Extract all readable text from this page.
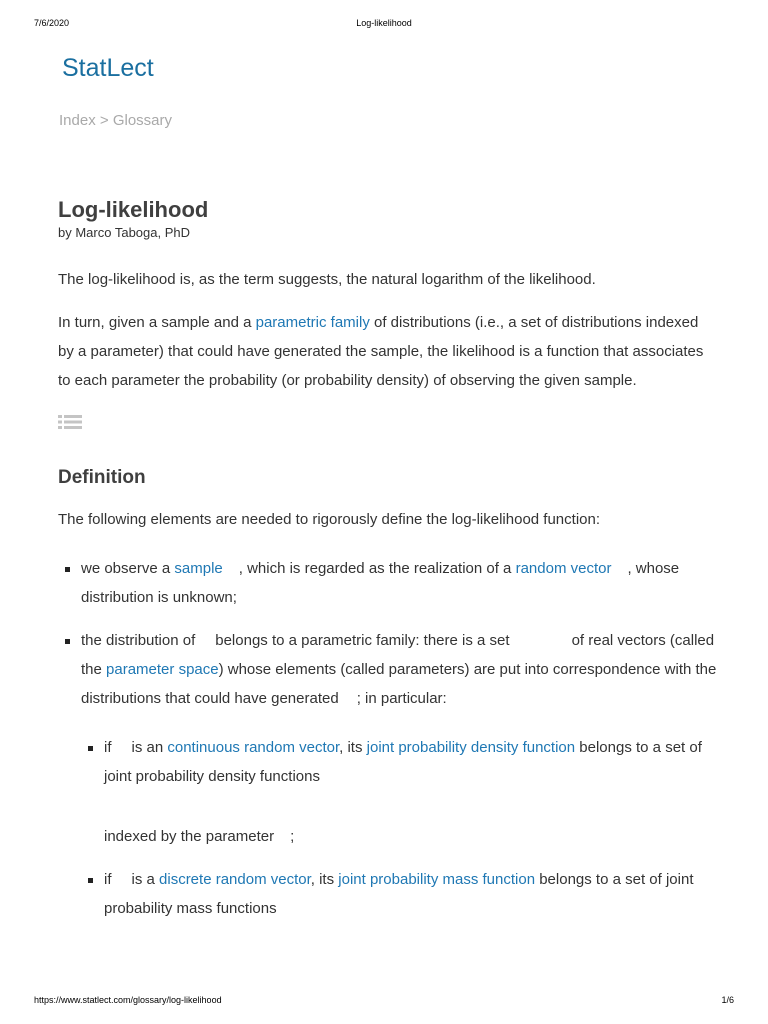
7/6/2020	Log-likelihood
StatLect
Index > Glossary
Log-likelihood
by Marco Taboga, PhD

The log-likelihood is, as the term suggests, the natural logarithm of the likelihood.

In turn, given a sample and a parametric family of distributions (i.e., a set of distributions indexed by a parameter) that could have generated the sample, the likelihood is a function that associates to each parameter the probability (or probability density) of observing the given sample.

Definition

The following elements are needed to rigorously define the log-likelihood function:

we observe a sample , which is regarded as the realization of a random vector , whose distribution is unknown;
the distribution of belongs to a parametric family: there is a set	of real vectors (called the parameter space) whose elements (called parameters) are put into correspondence with the distributions that could have generated ; in particular:
if is an continuous random vector, its joint probability density function belongs to a set of joint probability density functions
indexed by the parameter ;
if is a discrete random vector, its joint probability mass function belongs to a set of joint probability mass functions
https://www.statlect.com/glossary/log-likelihood	1/6
